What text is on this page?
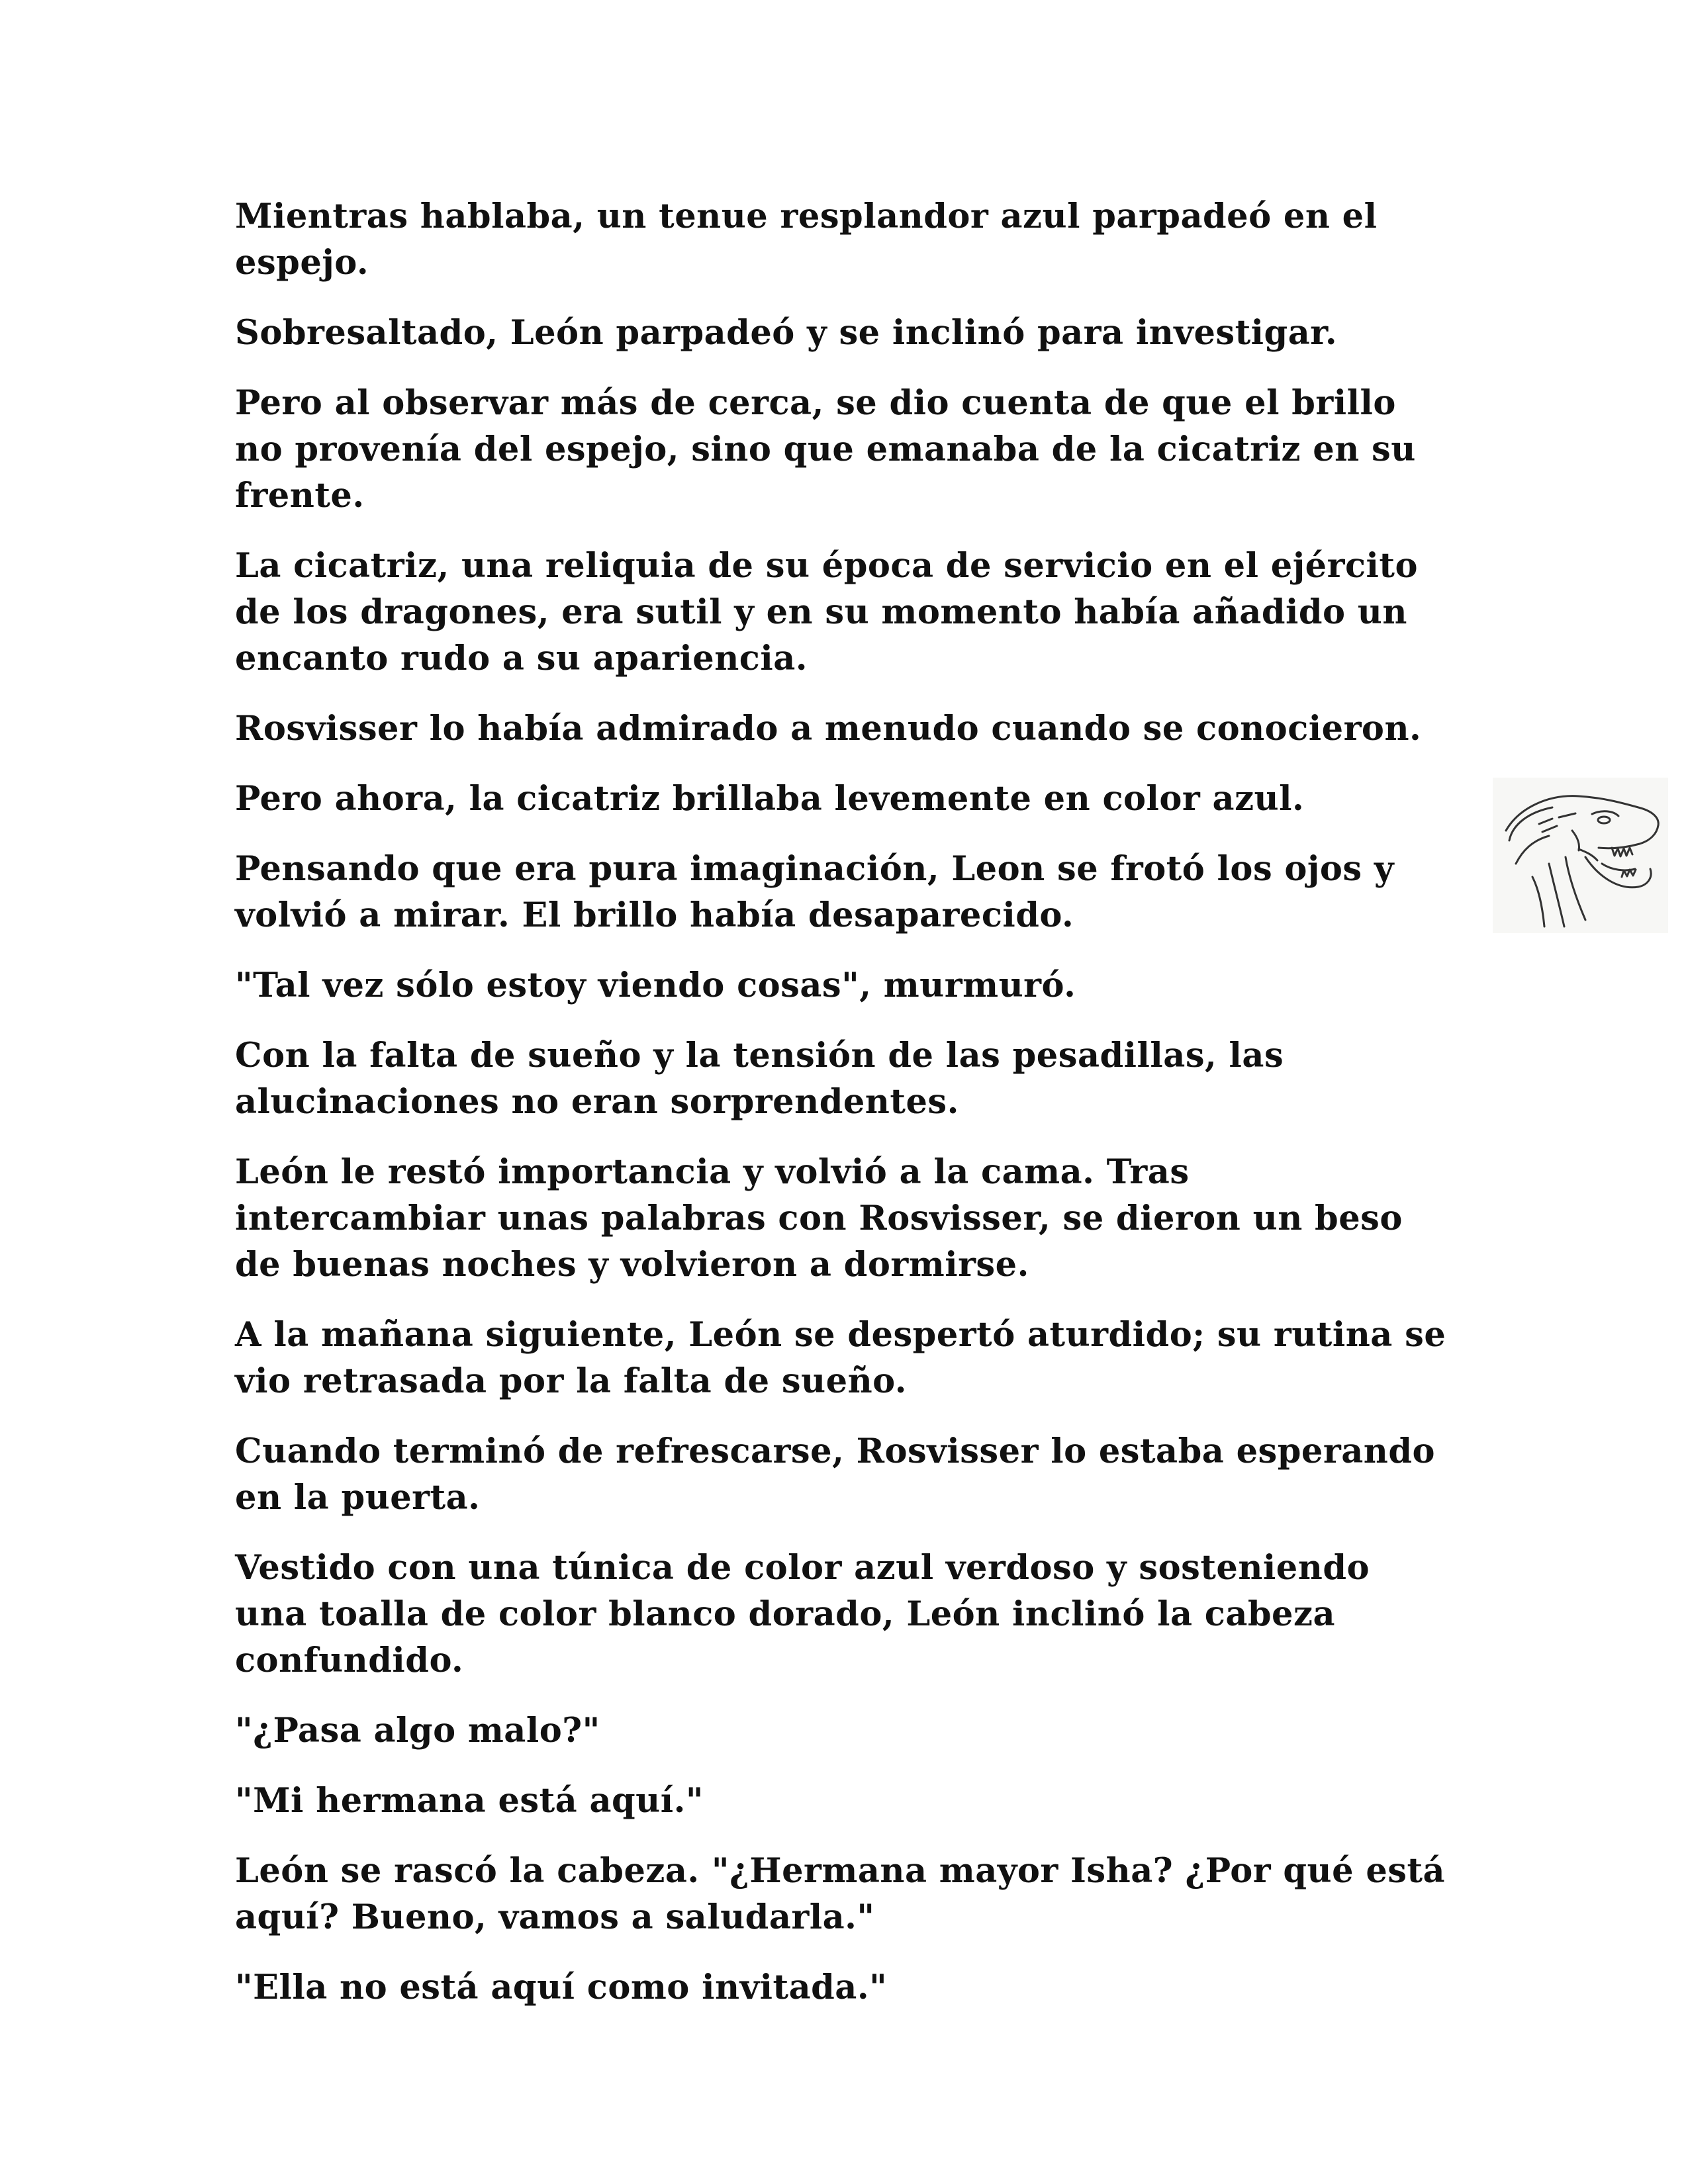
Mientras hablaba, un tenue resplandor azul parpadeó en el espejo.

Sobresaltado, León parpadeó y se inclinó para investigar.

Pero al observar más de cerca, se dio cuenta de que el brillo no provenía del espejo, sino que emanaba de la cicatriz en su frente.

La cicatriz, una reliquia de su época de servicio en el ejército de los dragones, era sutil y en su momento había añadido un encanto rudo a su apariencia.

Rosvisser lo había admirado a menudo cuando se conocieron.

Pero ahora, la cicatriz brillaba levemente en color azul.

Pensando que era pura imaginación, Leon se frotó los ojos y volvió a mirar. El brillo había desaparecido.

"Tal vez sólo estoy viendo cosas", murmuró.

Con la falta de sueño y la tensión de las pesadillas, las alucinaciones no eran sorprendentes.

León le restó importancia y volvió a la cama. Tras intercambiar unas palabras con Rosvisser, se dieron un beso de buenas noches y volvieron a dormirse.

A la mañana siguiente, León se despertó aturdido; su rutina se vio retrasada por la falta de sueño.

Cuando terminó de refrescarse, Rosvisser lo estaba esperando en la puerta.

Vestido con una túnica de color azul verdoso y sosteniendo una toalla de color blanco dorado, León inclinó la cabeza confundido.

"¿Pasa algo malo?"

"Mi hermana está aquí."

León se rascó la cabeza. "¿Hermana mayor Isha? ¿Por qué está aquí? Bueno, vamos a saludarla."

"Ella no está aquí como invitada."
